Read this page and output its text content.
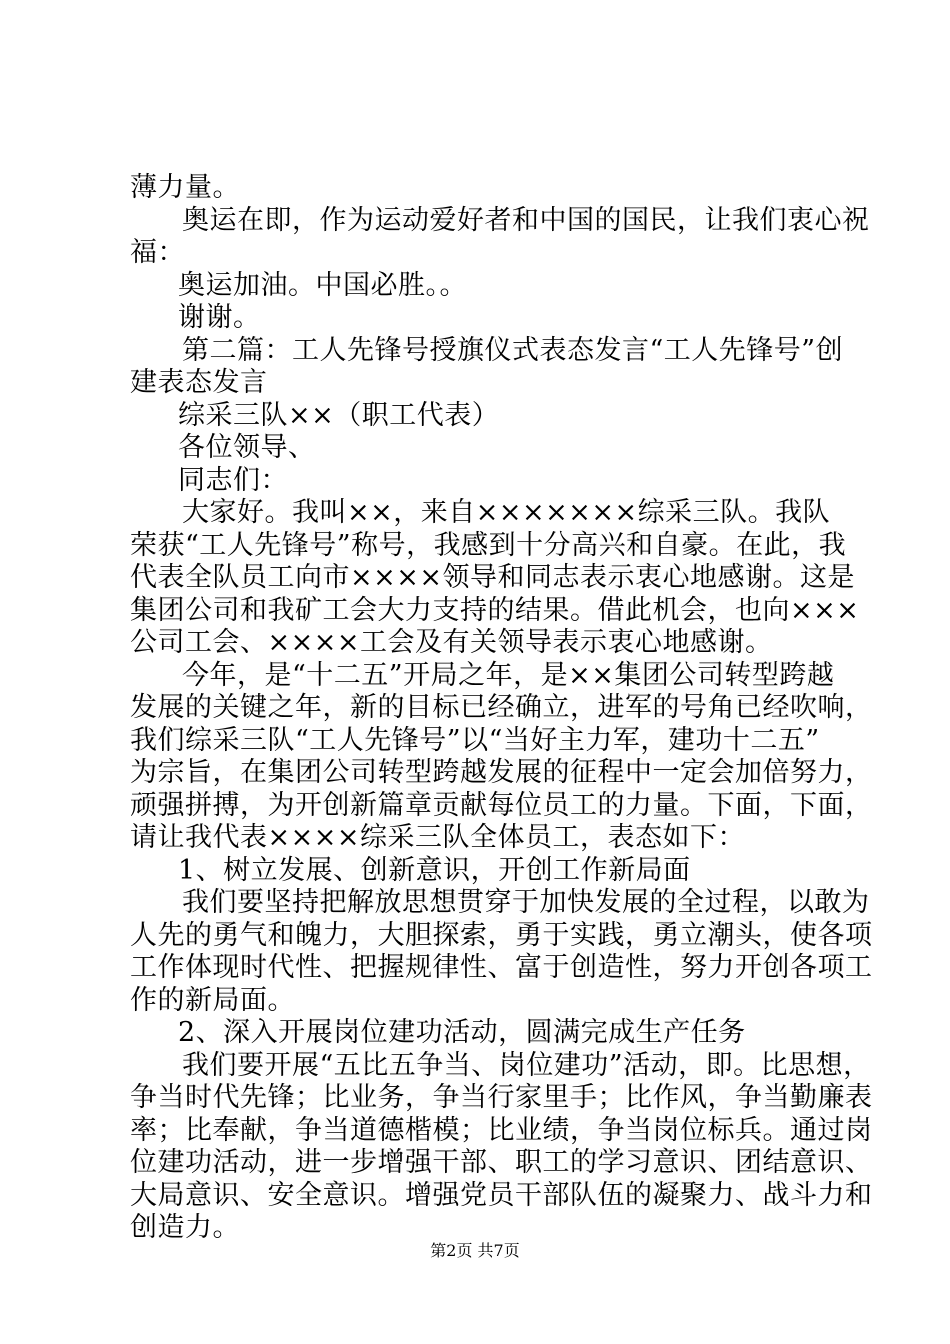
薄力量。
奥运在即，作为运动爱好者和中国的国民，让我们衷心祝
福：
奥运加油。中国必胜。。
谢谢。
第二篇：工人先锋号授旗仪式表态发言“工人先锋号”创
建表态发言
综采三队××（职工代表）
各位领导、
同志们：
大家好。我叫××，来自×××××××综采三队。我队
荣获“工人先锋号”称号，我感到十分高兴和自豪。在此，我
代表全队员工向市××××领导和同志表示衷心地感谢。这是
集团公司和我矿工会大力支持的结果。借此机会，也向×××
公司工会、××××工会及有关领导表示衷心地感谢。
今年，是“十二五”开局之年，是××集团公司转型跨越
发展的关键之年，新的目标已经确立，进军的号角已经吹响，
我们综采三队“工人先锋号”以“当好主力军，建功十二五”
为宗旨，在集团公司转型跨越发展的征程中一定会加倍努力，
顽强拼搏，为开创新篇章贡献每位员工的力量。下面，下面，
请让我代表××××综采三队全体员工，表态如下：
1、树立发展、创新意识，开创工作新局面
我们要坚持把解放思想贯穿于加快发展的全过程，以敢为
人先的勇气和魄力，大胆探索，勇于实践，勇立潮头，使各项
工作体现时代性、把握规律性、富于创造性，努力开创各项工
作的新局面。
2、深入开展岗位建功活动，圆满完成生产任务
我们要开展“五比五争当、岗位建功”活动，即。比思想，
争当时代先锋；比业务，争当行家里手；比作风，争当勤廉表
率；比奉献，争当道德楷模；比业绩，争当岗位标兵。通过岗
位建功活动，进一步增强干部、职工的学习意识、团结意识、
大局意识、安全意识。增强党员干部队伍的凝聚力、战斗力和
创造力。
第2页 共7页
